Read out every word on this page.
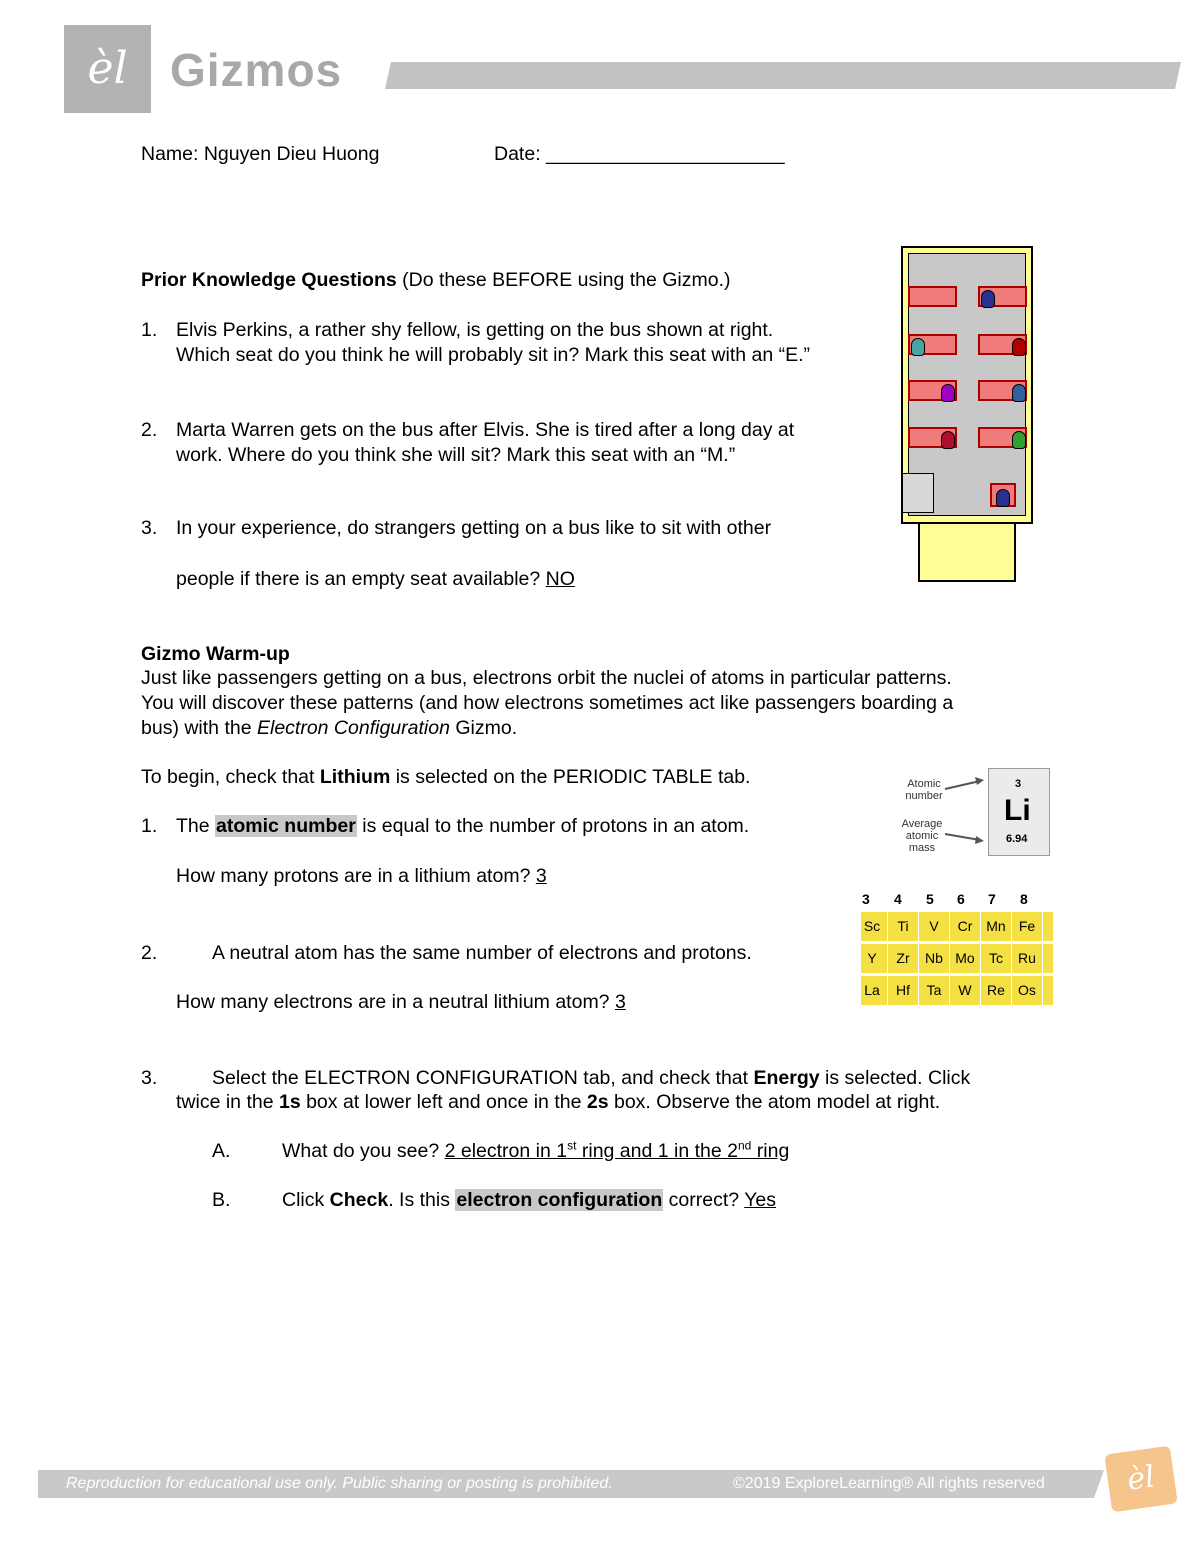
èl Gizmos
Name: Nguyen Dieu Huong	Date: ______________________
Prior Knowledge Questions (Do these BEFORE using the Gizmo.)
1. Elvis Perkins, a rather shy fellow, is getting on the bus shown at right.
Which seat do you think he will probably sit in? Mark this seat with an “E.”
2. Marta Warren gets on the bus after Elvis. She is tired after a long day at
work. Where do you think she will sit? Mark this seat with an “M.”
3. In your experience, do strangers getting on a bus like to sit with other
people if there is an empty seat available? NO
Gizmo Warm-up
Just like passengers getting on a bus, electrons orbit the nuclei of atoms in particular patterns.
You will discover these patterns (and how electrons sometimes act like passengers boarding a
bus) with the Electron Configuration Gizmo.
To begin, check that Lithium is selected on the PERIODIC TABLE tab.
1. The atomic number is equal to the number of protons in an atom.
How many protons are in a lithium atom? 3
2.	A neutral atom has the same number of electrons and protons.
How many electrons are in a neutral lithium atom? 3
3.	Select the ELECTRON CONFIGURATION tab, and check that Energy is selected. Click
twice in the 1s box at lower left and once in the 2s box. Observe the atom model at right.
A.	What do you see? 2 electron in 1st ring and 1 in the 2nd ring
B.	Click Check. Is this electron configuration correct? Yes
Atomic
number
Average
atomic
mass
3
Li
6.94
3 4 5 6 7 8
Sc	Ti	V	Cr Mn Fe
Y	Zr	Nb Mo	Tc	Ru
La	Hf	Ta	W	Re Os
Reproduction for educational use only. Public sharing or posting is prohibited.	©2019 ExploreLearning® All rights reserved	èl
